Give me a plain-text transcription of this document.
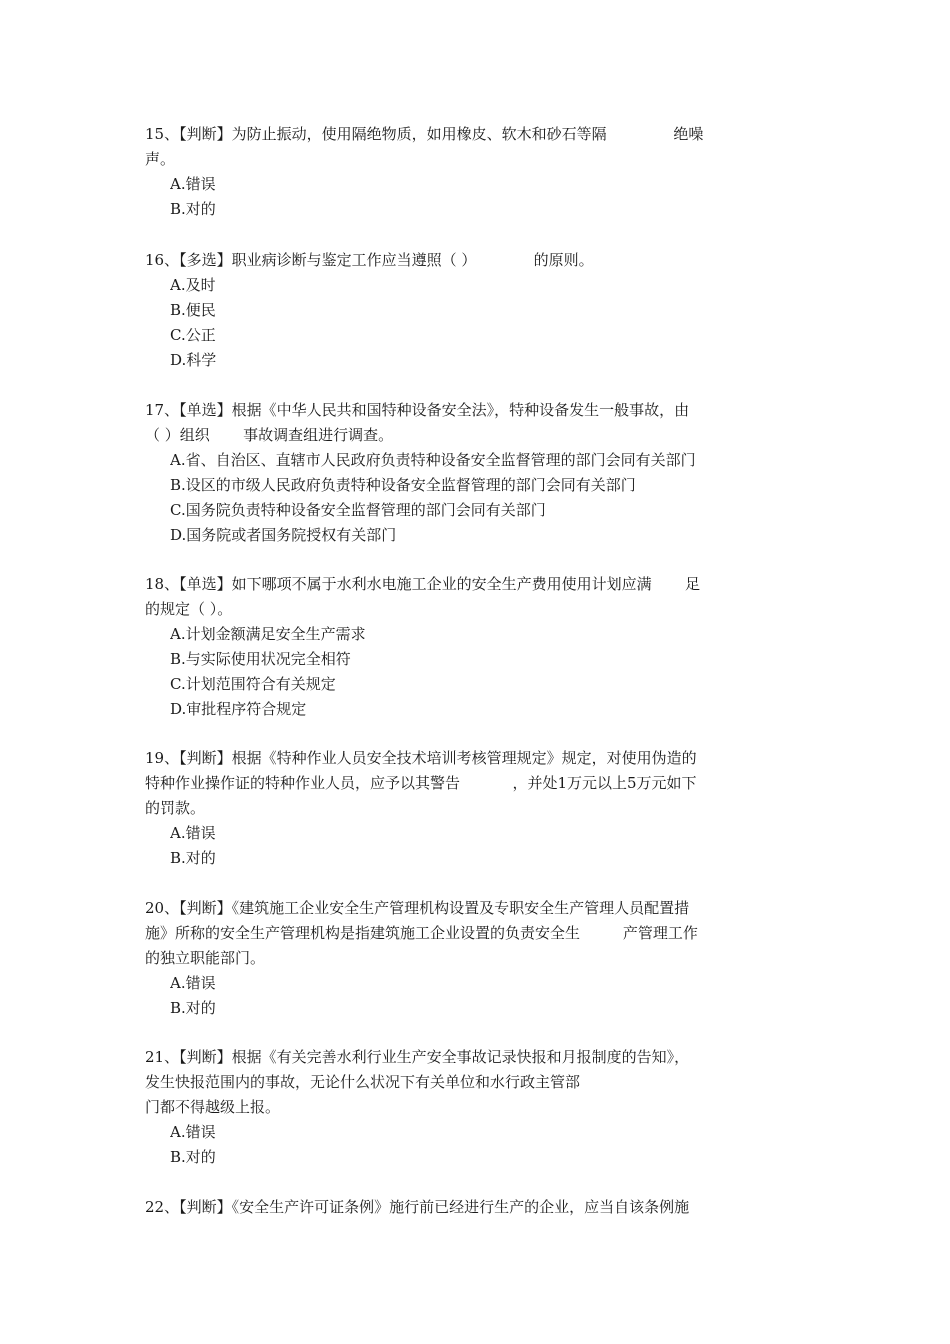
15、【判断】为防止振动，使用隔绝物质，如用橡皮、软木和砂石等隔              绝噪
声。
A.错误
B.对的
16、【多选】职业病诊断与鉴定工作应当遵照（ ）            的原则。
A.及时
B.便民
C.公正
D.科学
17、【单选】根据《中华人民共和国特种设备安全法》，特种设备发生一般事故，由
（ ）组织       事故调查组进行调查。
A.省、自治区、直辖市人民政府负责特种设备安全监督管理的部门会同有关部门
B.设区的市级人民政府负责特种设备安全监督管理的部门会同有关部门
C.国务院负责特种设备安全监督管理的部门会同有关部门
D.国务院或者国务院授权有关部门
18、【单选】如下哪项不属于水利水电施工企业的安全生产费用使用计划应满       足
的规定（ ）。
A.计划金额满足安全生产需求
B.与实际使用状况完全相符
C.计划范围符合有关规定
D.审批程序符合规定
19、【判断】根据《特种作业人员安全技术培训考核管理规定》规定，对使用伪造的
特种作业操作证的特种作业人员，应予以其警告           ，并处1万元以上5万元如下
的罚款。
A.错误
B.对的
20、【判断】《建筑施工企业安全生产管理机构设置及专职安全生产管理人员配置措
施》所称的安全生产管理机构是指建筑施工企业设置的负责安全生         产管理工作
的独立职能部门。
A.错误
B.对的
21、【判断】根据《有关完善水利行业生产安全事故记录快报和月报制度的告知》，
发生快报范围内的事故，无论什么状况下有关单位和水行政主管部
门都不得越级上报。
A.错误
B.对的
22、【判断】《安全生产许可证条例》施行前已经进行生产的企业，应当自该条例施
